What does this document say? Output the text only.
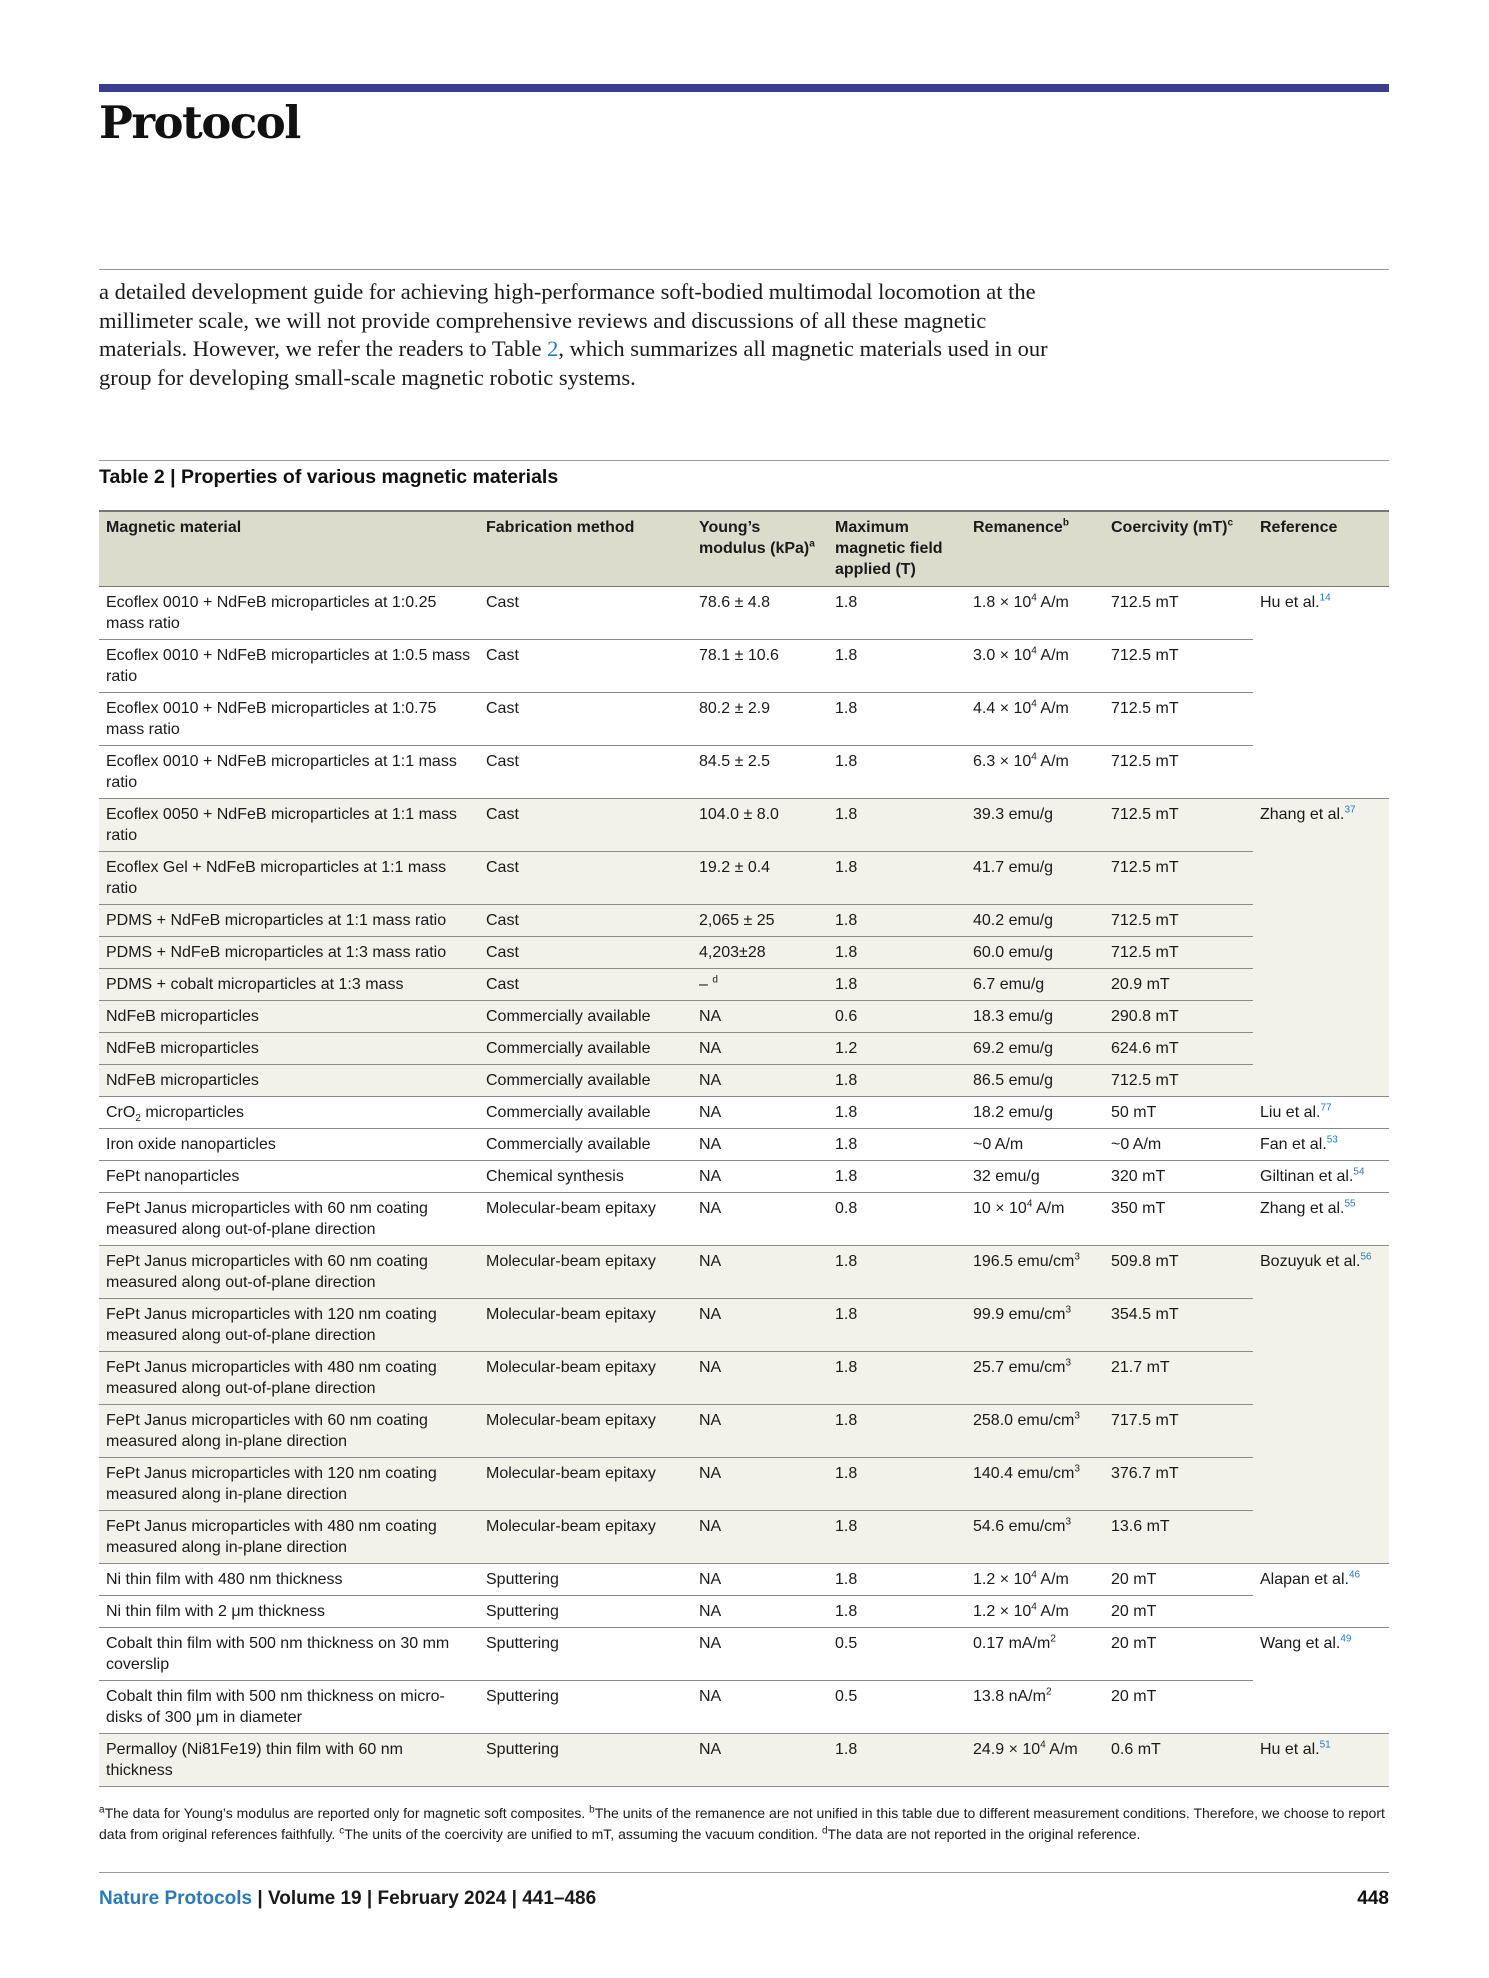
Protocol

a detailed development guide for achieving high-performance soft-bodied multimodal locomotion at the millimeter scale, we will not provide comprehensive reviews and discussions of all these magnetic materials. However, we refer the readers to Table 2, which summarizes all magnetic materials used in our group for developing small-scale magnetic robotic systems.

Table 2 | Properties of various magnetic materials
Magnetic material	Fabrication method	Young’s modulus (kPa)$^a$	Maximum magnetic field applied (T)	Remanence$^b$	Coercivity (mT)$^c$	Reference
Ecoflex 0010 + NdFeB microparticles at 1:0.25 mass ratio	Cast	78.6 ± 4.8	1.8	$1.8 \times 10^4$ A/m	712.5 mT	Hu et al.$^{14}$
Ecoflex 0010 + NdFeB microparticles at 1:0.5 mass ratio	Cast	78.1 ± 10.6	1.8	$3.0 \times 10^4$ A/m	712.5 mT	
Ecoflex 0010 + NdFeB microparticles at 1:0.75 mass ratio	Cast	80.2 ± 2.9	1.8	$4.4 \times 10^4$ A/m	712.5 mT	
Ecoflex 0010 + NdFeB microparticles at 1:1 mass ratio	Cast	84.5 ± 2.5	1.8	$6.3 \times 10^4$ A/m	712.5 mT	
Ecoflex 0050 + NdFeB microparticles at 1:1 mass ratio	Cast	104.0 ± 8.0	1.8	39.3 emu/g	712.5 mT	Zhang et al.$^{37}$
Ecoflex Gel + NdFeB microparticles at 1:1 mass ratio	Cast	19.2 ± 0.4	1.8	41.7 emu/g	712.5 mT	
PDMS + NdFeB microparticles at 1:1 mass ratio	Cast	2,065 ± 25	1.8	40.2 emu/g	712.5 mT	
PDMS + NdFeB microparticles at 1:3 mass ratio	Cast	4,203±28	1.8	60.0 emu/g	712.5 mT	
PDMS + cobalt microparticles at 1:3 mass	Cast	– $^d$	1.8	6.7 emu/g	20.9 mT	
NdFeB microparticles	Commercially available	NA	0.6	18.3 emu/g	290.8 mT	
NdFeB microparticles	Commercially available	NA	1.2	69.2 emu/g	624.6 mT	
NdFeB microparticles	Commercially available	NA	1.8	86.5 emu/g	712.5 mT	
CrO$_2$ microparticles	Commercially available	NA	1.8	18.2 emu/g	50 mT	Liu et al.$^{77}$
Iron oxide nanoparticles	Commercially available	NA	1.8	~0 A/m	~0 A/m	Fan et al.$^{53}$
FePt nanoparticles	Chemical synthesis	NA	1.8	32 emu/g	320 mT	Giltinan et al.$^{54}$
FePt Janus microparticles with 60 nm coating measured along out-of-plane direction	Molecular-beam epitaxy	NA	0.8	$10 \times 10^4$ A/m	350 mT	Zhang et al.$^{55}$
FePt Janus microparticles with 60 nm coating measured along out-of-plane direction	Molecular-beam epitaxy	NA	1.8	196.5 emu/$cm^3$	509.8 mT	Bozuyuk et al.$^{56}$
FePt Janus microparticles with 120 nm coating measured along out-of-plane direction	Molecular-beam epitaxy	NA	1.8	99.9 emu/$cm^3$	354.5 mT	
FePt Janus microparticles with 480 nm coating measured along out-of-plane direction	Molecular-beam epitaxy	NA	1.8	25.7 emu/$cm^3$	21.7 mT	
FePt Janus microparticles with 60 nm coating measured along in-plane direction	Molecular-beam epitaxy	NA	1.8	258.0 emu/$cm^3$	717.5 mT	
FePt Janus microparticles with 120 nm coating measured along in-plane direction	Molecular-beam epitaxy	NA	1.8	140.4 emu/$cm^3$	376.7 mT	
FePt Janus microparticles with 480 nm coating measured along in-plane direction	Molecular-beam epitaxy	NA	1.8	54.6 emu/$cm^3$	13.6 mT	
Ni thin film with 480 nm thickness	Sputtering	NA	1.8	$1.2 \times 10^4$ A/m	20 mT	Alapan et al.$^{46}$
Ni thin film with 2 μm thickness	Sputtering	NA	1.8	$1.2 \times 10^4$ A/m	20 mT	
Cobalt thin film with 500 nm thickness on 30 mm coverslip	Sputtering	NA	0.5	0.17 $mA/m^2$	20 mT	Wang et al.$^{49}$
Cobalt thin film with 500 nm thickness on micro-disks of 300 μm in diameter	Sputtering	NA	0.5	13.8 $nA/m^2$	20 mT	
Permalloy (Ni81Fe19) thin film with 60 nm thickness	Sputtering	NA	1.8	$24.9 \times 10^4$ A/m	0.6 mT	Hu et al.$^{51}$
$^a$The data for Young’s modulus are reported only for magnetic soft composites. $^b$The units of the remanence are not unified in this table due to different measurement conditions. Therefore, we choose to report data from original references faithfully. $^c$The units of the coercivity are unified to mT, assuming the vacuum condition. $^d$The data are not reported in the original reference.
Nature Protocols | Volume 19 | February 2024 | 441–486	448
